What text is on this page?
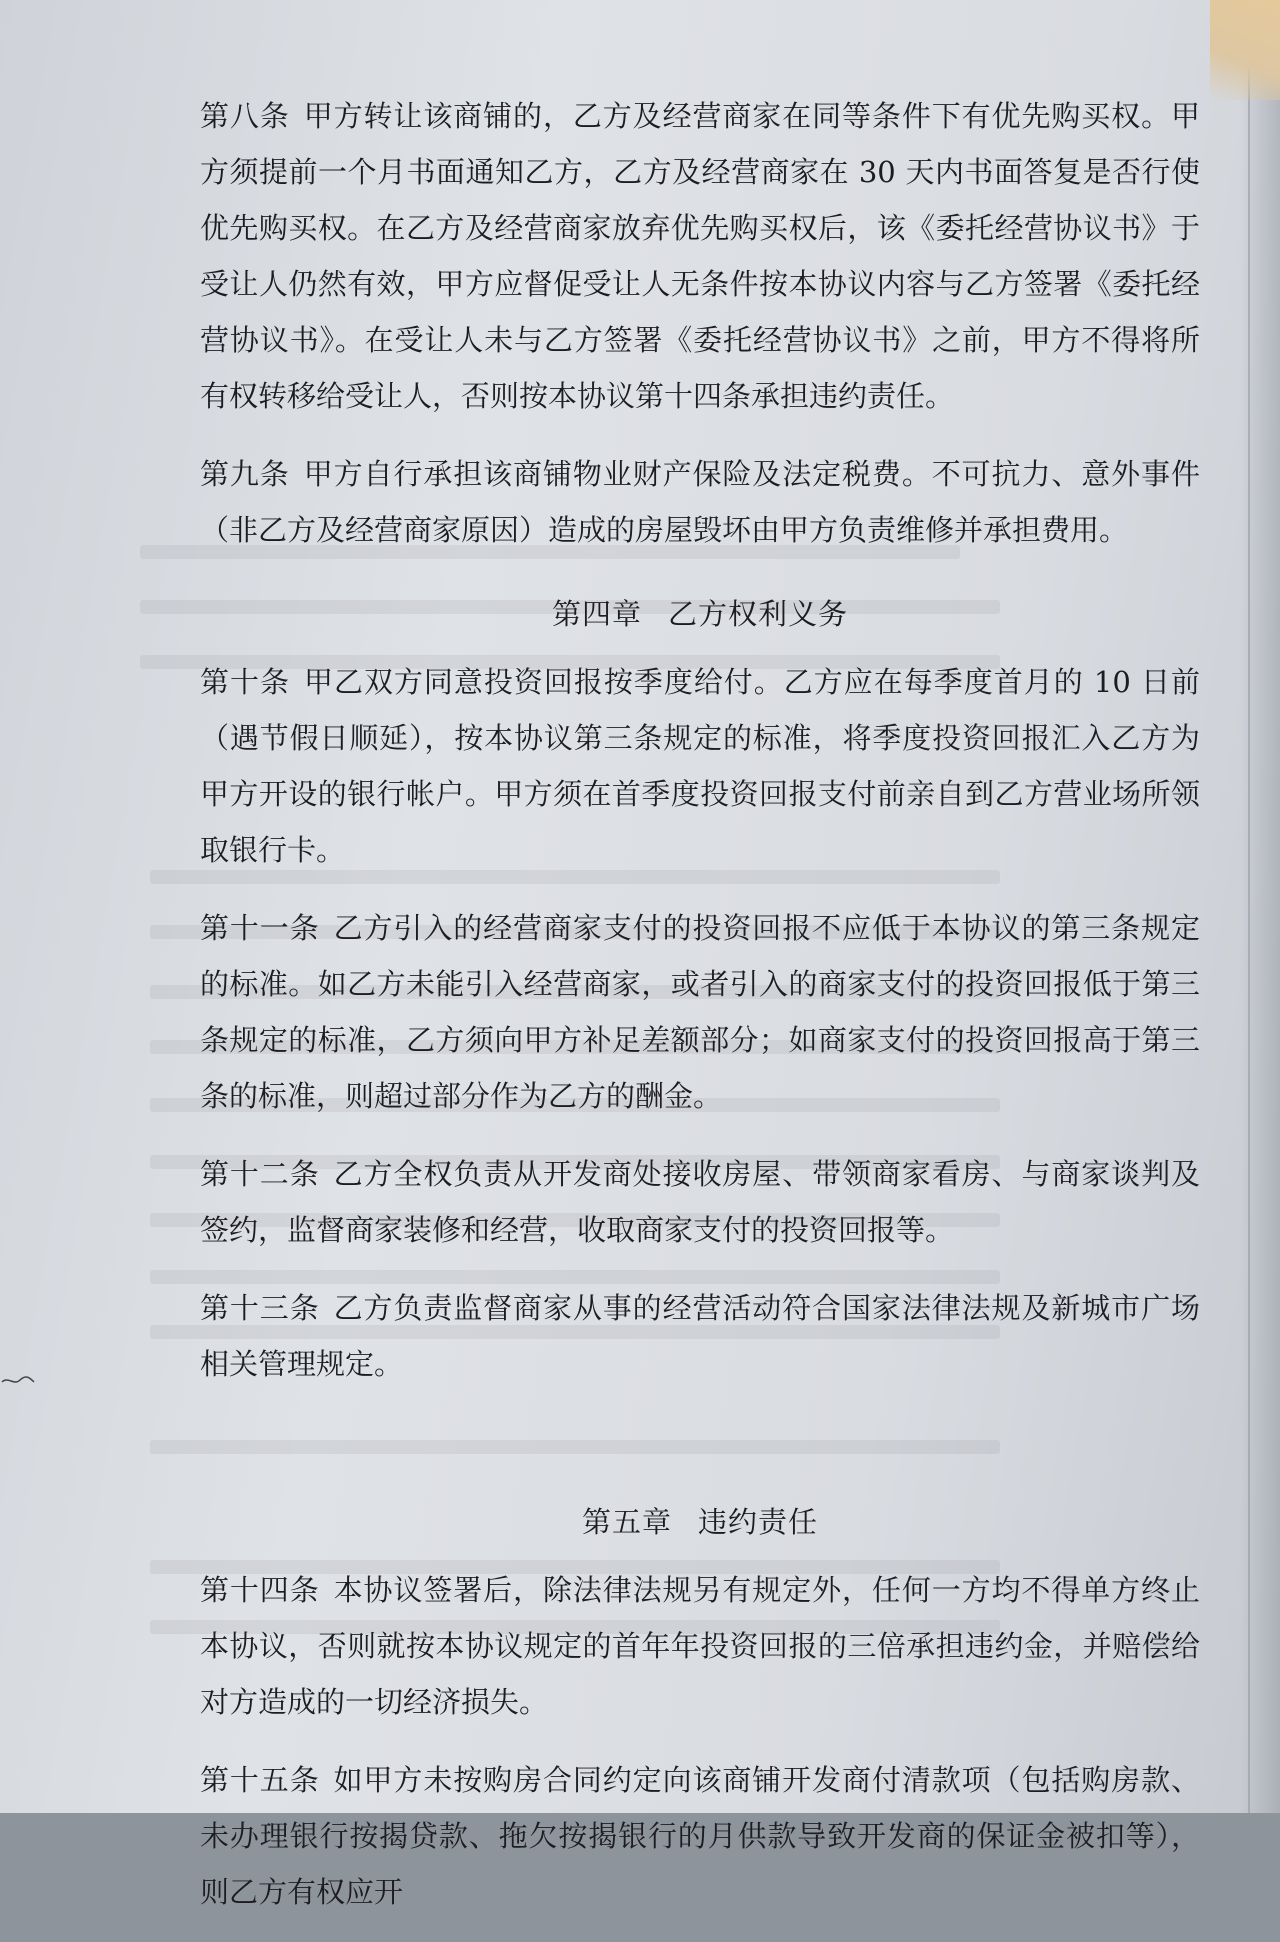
第八条 甲方转让该商铺的，乙方及经营商家在同等条件下有优先购买权。甲方须提前一个月书面通知乙方，乙方及经营商家在 30 天内书面答复是否行使优先购买权。在乙方及经营商家放弃优先购买权后，该《委托经营协议书》于受让人仍然有效，甲方应督促受让人无条件按本协议内容与乙方签署《委托经营协议书》。在受让人未与乙方签署《委托经营协议书》之前，甲方不得将所有权转移给受让人，否则按本协议第十四条承担违约责任。
第九条 甲方自行承担该商铺物业财产保险及法定税费。不可抗力、意外事件（非乙方及经营商家原因）造成的房屋毁坏由甲方负责维修并承担费用。
第四章 乙方权利义务
第十条 甲乙双方同意投资回报按季度给付。乙方应在每季度首月的 10 日前（遇节假日顺延），按本协议第三条规定的标准，将季度投资回报汇入乙方为甲方开设的银行帐户。甲方须在首季度投资回报支付前亲自到乙方营业场所领取银行卡。
第十一条 乙方引入的经营商家支付的投资回报不应低于本协议的第三条规定的标准。如乙方未能引入经营商家，或者引入的商家支付的投资回报低于第三条规定的标准，乙方须向甲方补足差额部分；如商家支付的投资回报高于第三条的标准，则超过部分作为乙方的酬金。
第十二条 乙方全权负责从开发商处接收房屋、带领商家看房、与商家谈判及签约，监督商家装修和经营，收取商家支付的投资回报等。
第十三条 乙方负责监督商家从事的经营活动符合国家法律法规及新城市广场相关管理规定。
第五章 违约责任
第十四条 本协议签署后，除法律法规另有规定外，任何一方均不得单方终止本协议，否则就按本协议规定的首年年投资回报的三倍承担违约金，并赔偿给对方造成的一切经济损失。
第十五条 如甲方未按购房合同约定向该商铺开发商付清款项（包括购房款、未办理银行按揭贷款、拖欠按揭银行的月供款导致开发商的保证金被扣等），则乙方有权应开
